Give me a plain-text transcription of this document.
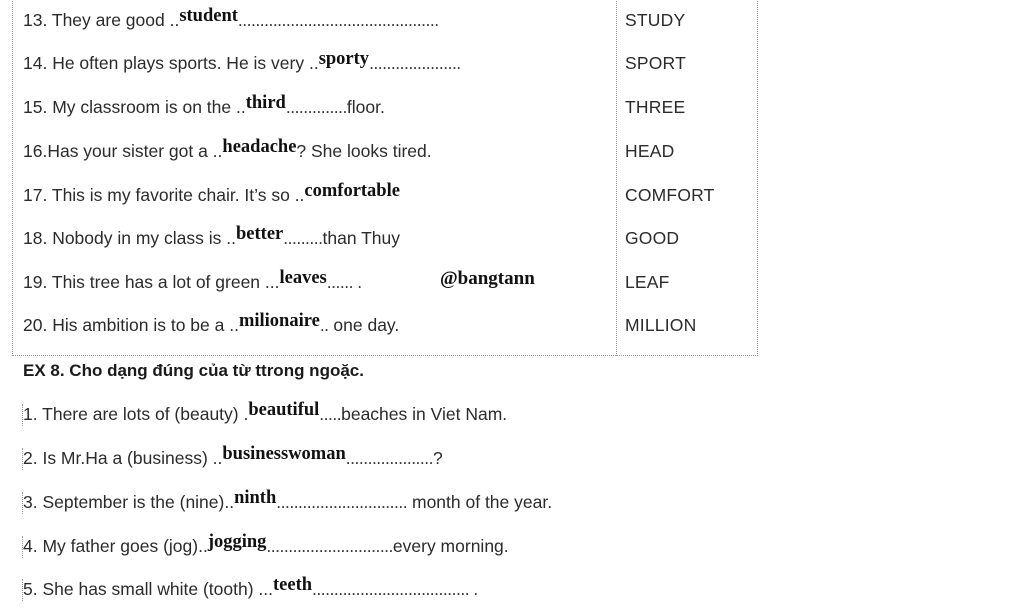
13. They are good ..student..............................................	STUDY
14. He often plays sports. He is very ..sporty.....................	SPORT
15. My classroom is on the ..third..............floor.	THREE
16.Has your sister got a ..headache? She looks tired.	HEAD
17. This is my favorite chair. It’s so ..comfortable	COMFORT
18. Nobody in my class is ..better.........than Thuy	GOOD
19. This tree has a lot of green ...leaves...... .	LEAF
20. His ambition is to be a ..milionaire.. one day.	MILLION
@bangtann
EX 8. Cho dạng đúng của từ ttrong ngoặc.
1. There are lots of (beauty) .beautiful.....beaches in Viet Nam.
2. Is Mr.Ha a (business) ..businesswoman....................?
3. September is the (nine)..ninth.............................. month of the year.
4. My father goes (jog)..jogging.............................every morning.
5. She has small white (tooth) ...teeth.................................... .
